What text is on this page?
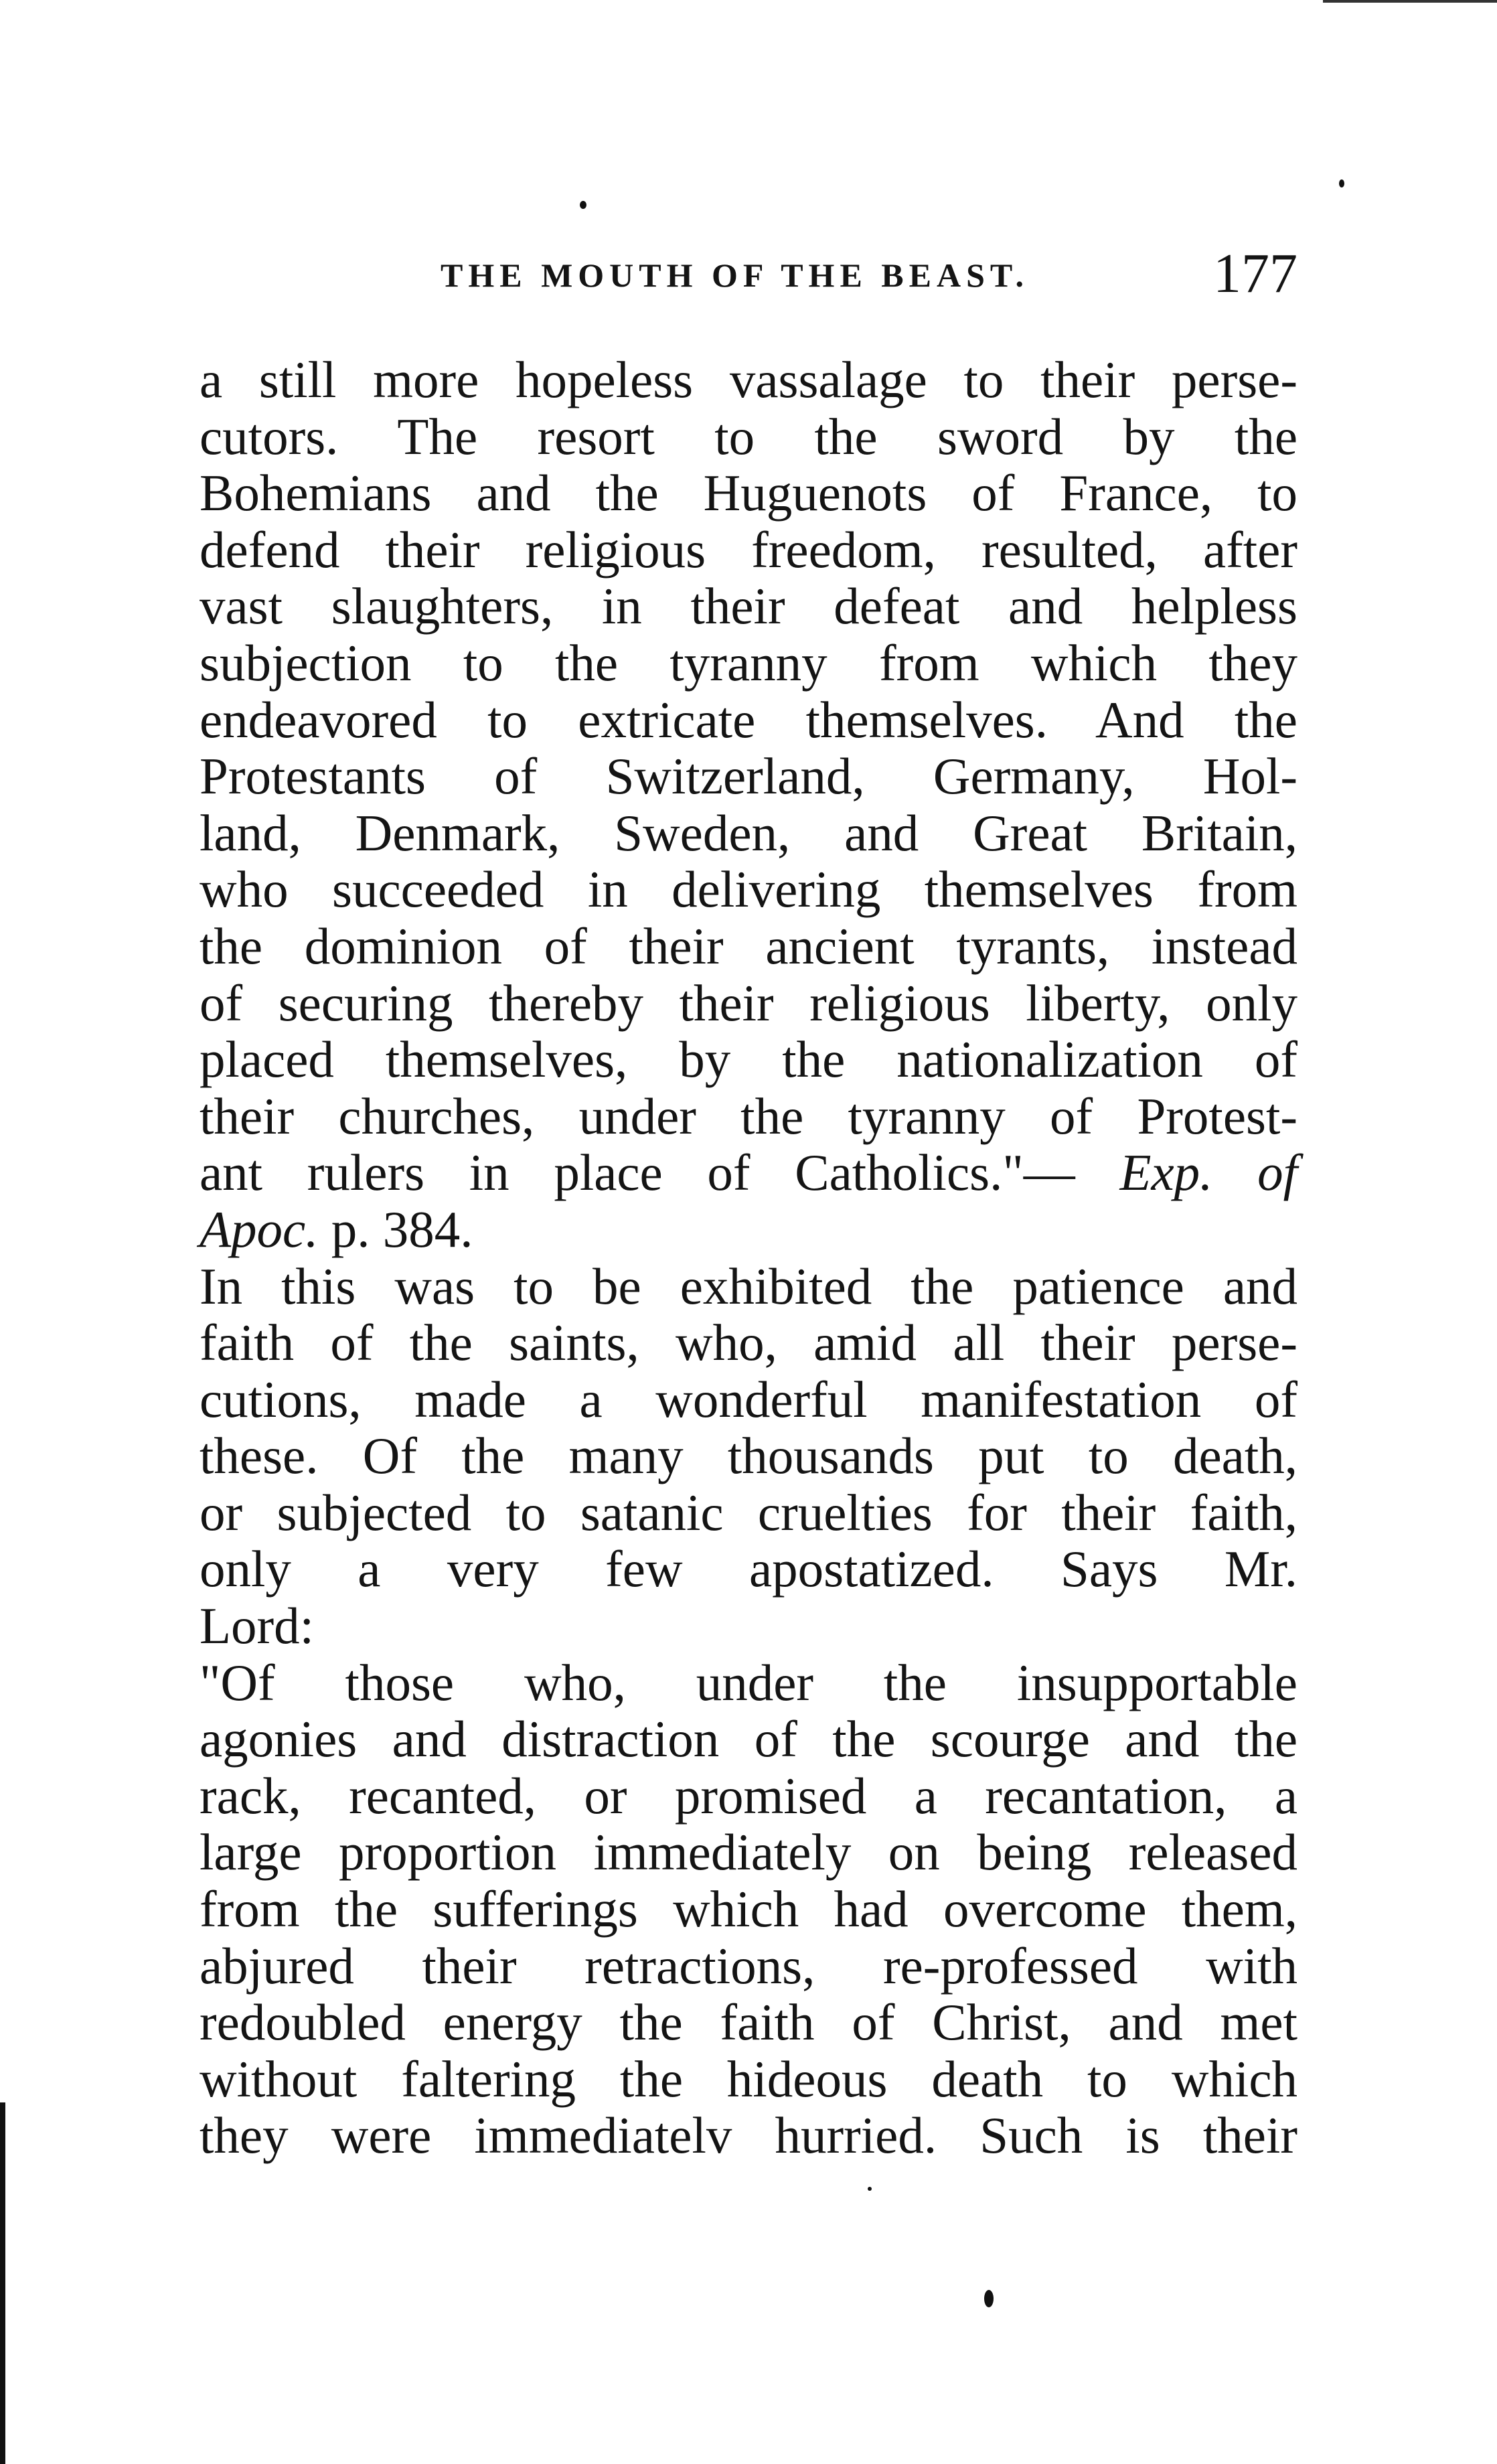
THE MOUTH OF THE BEAST.	177
a still more hopeless vassalage to their perse-
cutors. The resort to the sword by the
Bohemians and the Huguenots of France, to
defend their religious freedom, resulted, after
vast slaughters, in their defeat and helpless
subjection to the tyranny from which they
endeavored to extricate themselves. And the
Protestants of Switzerland, Germany, Hol-
land, Denmark, Sweden, and Great Britain,
who succeeded in delivering themselves from
the dominion of their ancient tyrants, instead
of securing thereby their religious liberty, only
placed themselves, by the nationalization of
their churches, under the tyranny of Protest-
ant rulers in place of Catholics."— Exp. of
Apoc. p. 384.
In this was to be exhibited the patience and
faith of the saints, who, amid all their perse-
cutions, made a wonderful manifestation of
these. Of the many thousands put to death,
or subjected to satanic cruelties for their faith,
only a very few apostatized. Says Mr.
Lord:
"Of those who, under the insupportable
agonies and distraction of the scourge and the
rack, recanted, or promised a recantation, a
large proportion immediately on being released
from the sufferings which had overcome them,
abjured their retractions, re-professed with
redoubled energy the faith of Christ, and met
without faltering the hideous death to which
they were immediatelv hurried. Such is their
